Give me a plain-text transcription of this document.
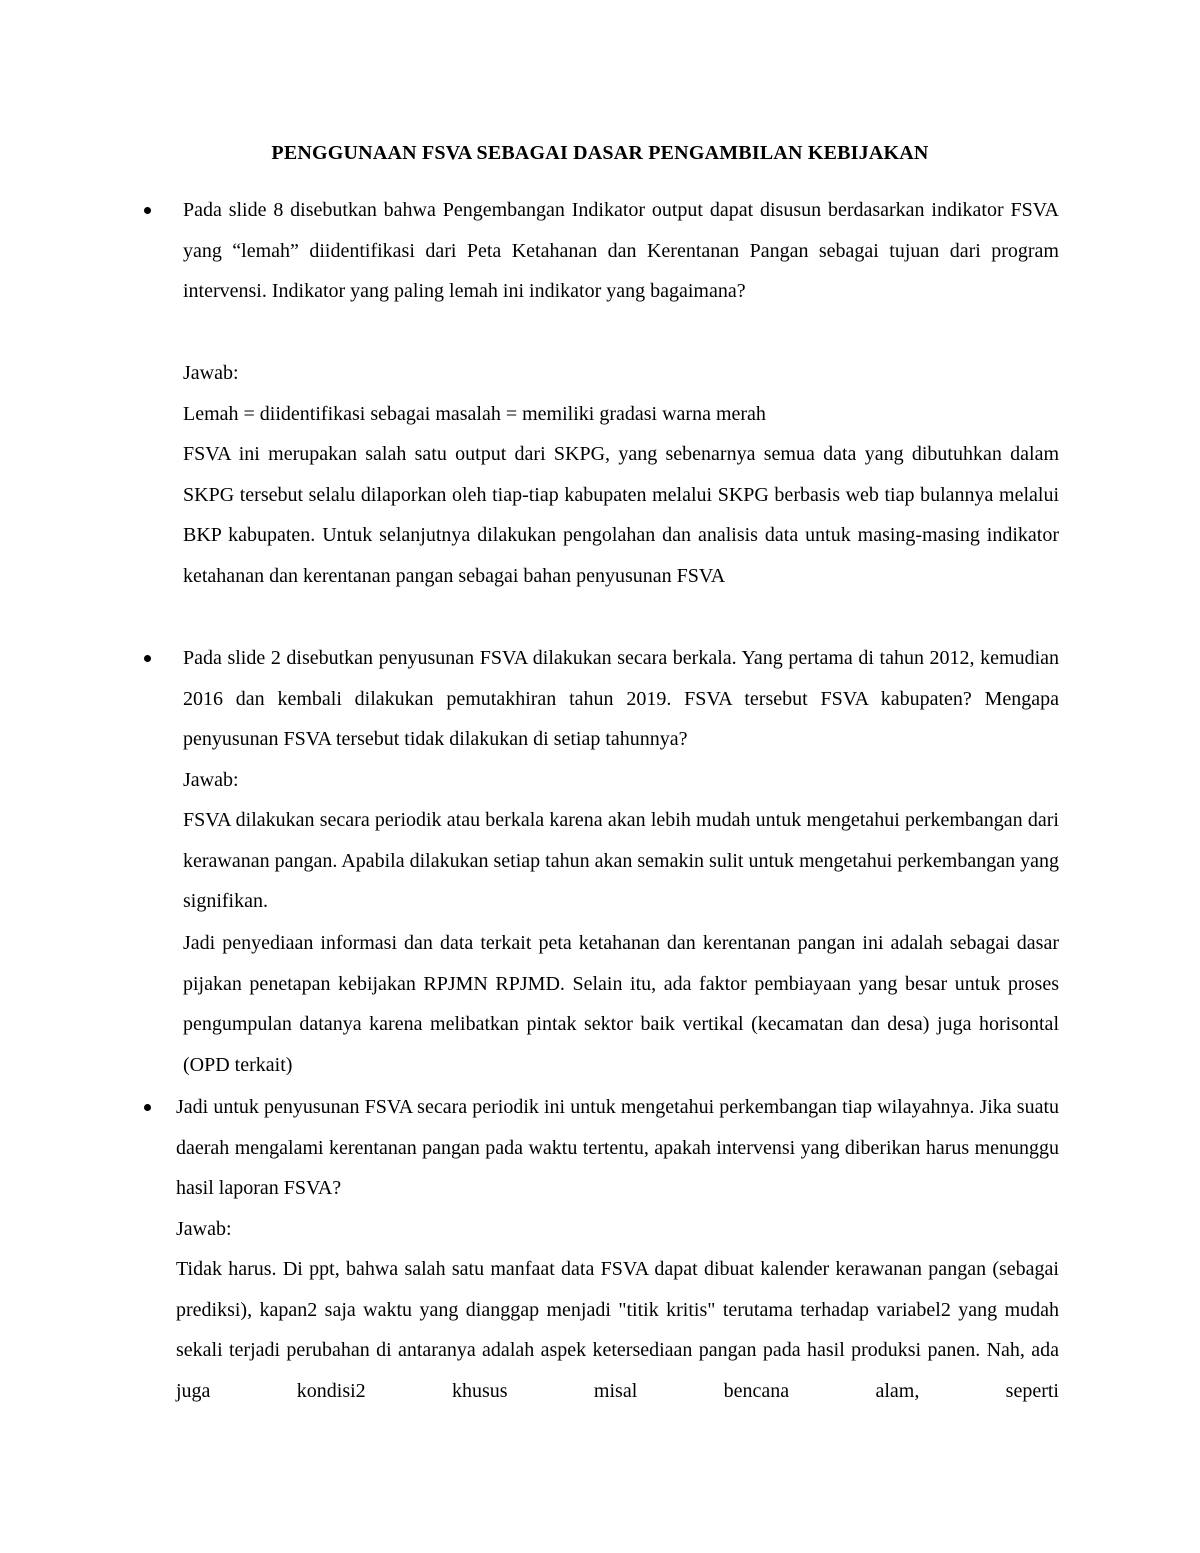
PENGGUNAAN FSVA SEBAGAI DASAR PENGAMBILAN KEBIJAKAN

Pada slide 8 disebutkan bahwa Pengembangan Indikator output dapat disusun berdasarkan indikator FSVA yang “lemah” diidentifikasi dari Peta Ketahanan dan Kerentanan Pangan sebagai tujuan dari program intervensi. Indikator yang paling lemah ini indikator yang bagaimana?

Jawab:

Lemah = diidentifikasi sebagai masalah = memiliki gradasi warna merah

FSVA ini merupakan salah satu output dari SKPG, yang sebenarnya semua data yang dibutuhkan dalam SKPG tersebut selalu dilaporkan oleh tiap-tiap kabupaten melalui SKPG berbasis web tiap bulannya melalui BKP kabupaten. Untuk selanjutnya dilakukan pengolahan dan analisis data untuk masing-masing indikator ketahanan dan kerentanan pangan sebagai bahan penyusunan FSVA

Pada slide 2 disebutkan penyusunan FSVA dilakukan secara berkala. Yang pertama di tahun 2012, kemudian 2016 dan kembali dilakukan pemutakhiran tahun 2019. FSVA tersebut FSVA kabupaten? Mengapa penyusunan FSVA tersebut tidak dilakukan di setiap tahunnya?

Jawab:

FSVA dilakukan secara periodik atau berkala karena akan lebih mudah untuk mengetahui perkembangan dari kerawanan pangan. Apabila dilakukan setiap tahun akan semakin sulit untuk mengetahui perkembangan yang signifikan.

Jadi penyediaan informasi dan data terkait peta ketahanan dan kerentanan pangan ini adalah sebagai dasar pijakan penetapan kebijakan RPJMN RPJMD. Selain itu, ada faktor pembiayaan yang besar untuk proses pengumpulan datanya karena melibatkan pintak sektor baik vertikal (kecamatan dan desa) juga horisontal (OPD terkait)

Jadi untuk penyusunan FSVA secara periodik ini untuk mengetahui perkembangan tiap wilayahnya. Jika suatu daerah mengalami kerentanan pangan pada waktu tertentu, apakah intervensi yang diberikan harus menunggu hasil laporan FSVA?

Jawab:

Tidak harus. Di ppt, bahwa salah satu manfaat data FSVA dapat dibuat kalender kerawanan pangan (sebagai prediksi), kapan2 saja waktu yang dianggap menjadi "titik kritis" terutama terhadap variabel2 yang mudah sekali terjadi perubahan di antaranya adalah aspek ketersediaan pangan pada hasil produksi panen. Nah, ada juga kondisi2 khusus misal bencana alam, seperti
